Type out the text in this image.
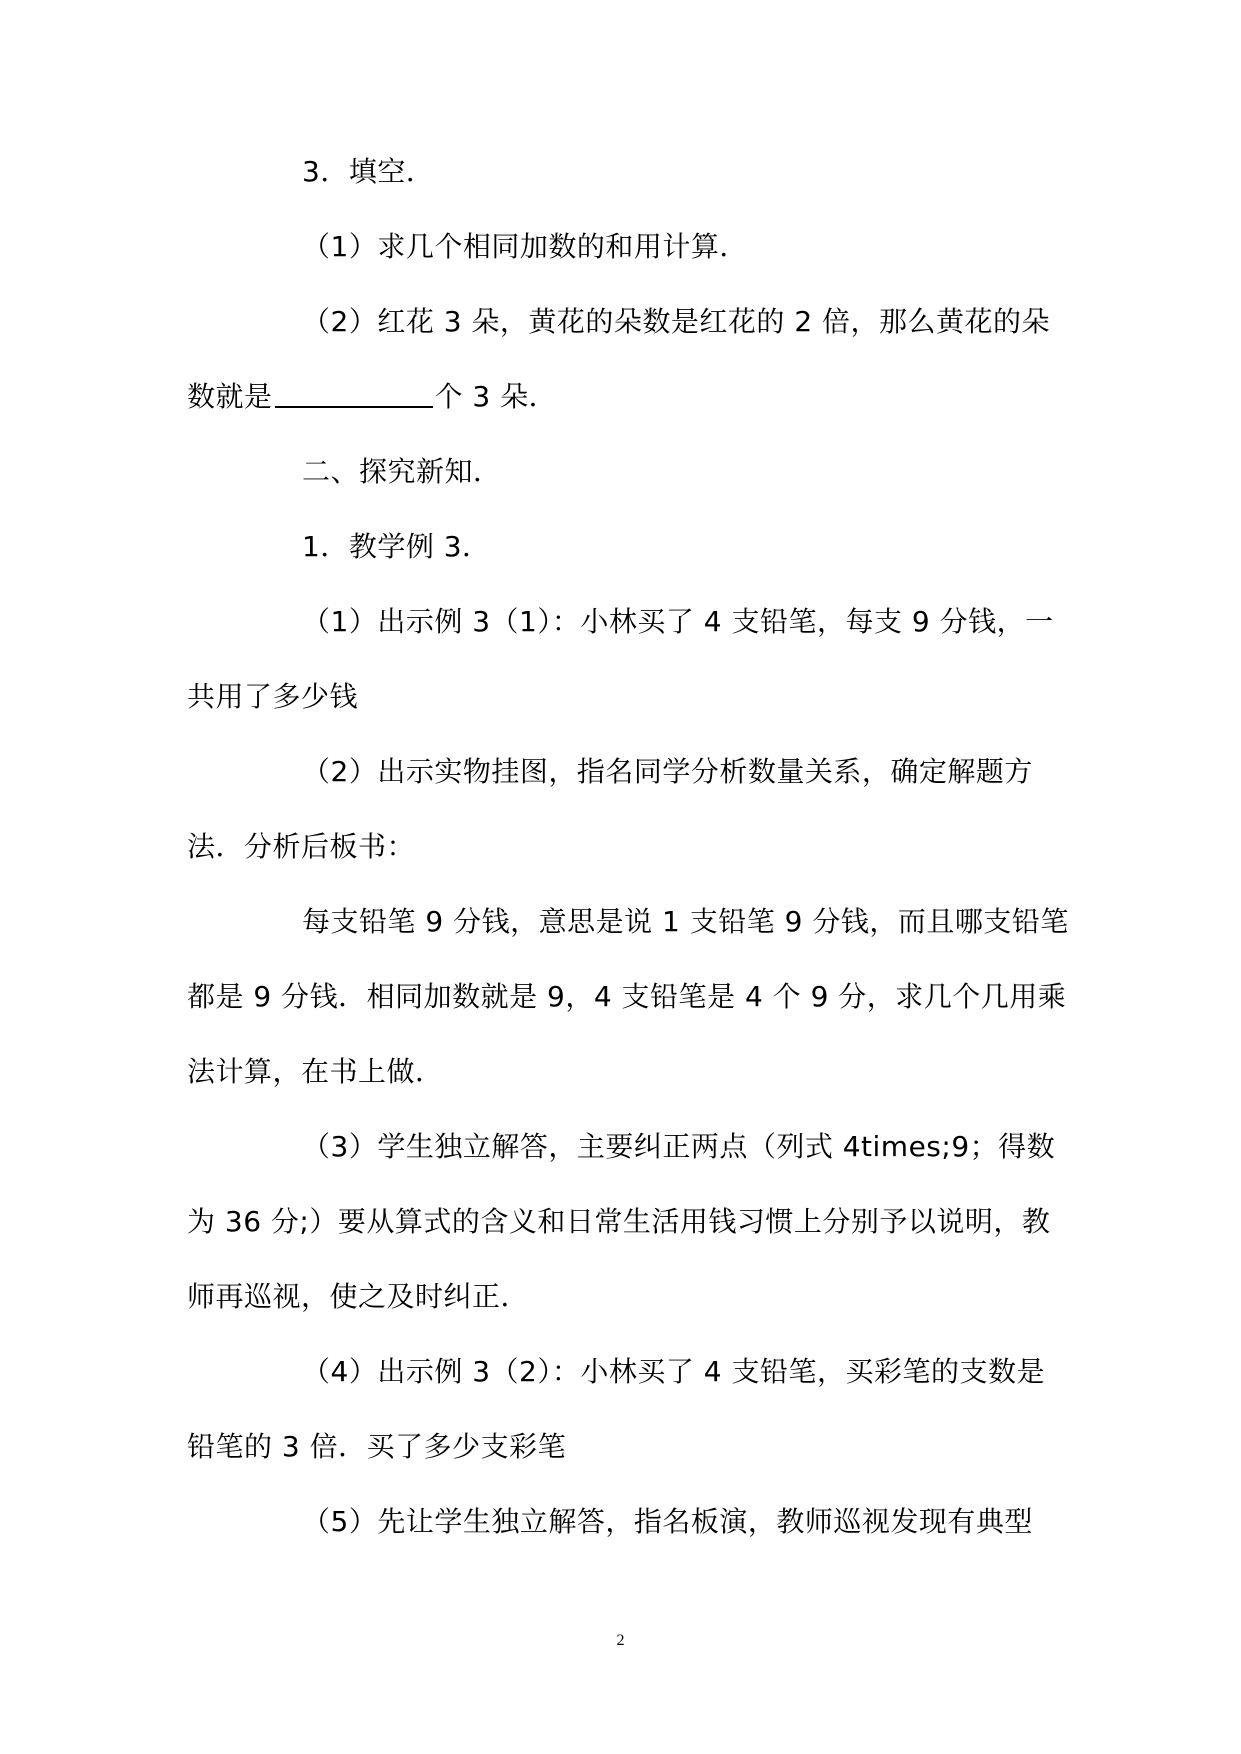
3．填空．
（1）求几个相同加数的和用计算．
（2）红花 3 朵，黄花的朵数是红花的 2 倍，那么黄花的朵
数就是	个 3 朵．
二、探究新知．
1．教学例 3．
（1）出示例 3（1）：小林买了 4 支铅笔，每支 9 分钱，一
共用了多少钱
（2）出示实物挂图，指名同学分析数量关系，确定解题方
法．分析后板书：
每支铅笔 9 分钱，意思是说 1 支铅笔 9 分钱，而且哪支铅笔
都是 9 分钱．相同加数就是 9，4 支铅笔是 4 个 9 分，求几个几用乘
法计算，在书上做．
（3）学生独立解答，主要纠正两点（列式 4times;9；得数
为 36 分;）要从算式的含义和日常生活用钱习惯上分别予以说明，教
师再巡视，使之及时纠正．
（4）出示例 3（2）：小林买了 4 支铅笔，买彩笔的支数是
铅笔的 3 倍．买了多少支彩笔
（5）先让学生独立解答，指名板演，教师巡视发现有典型
2
